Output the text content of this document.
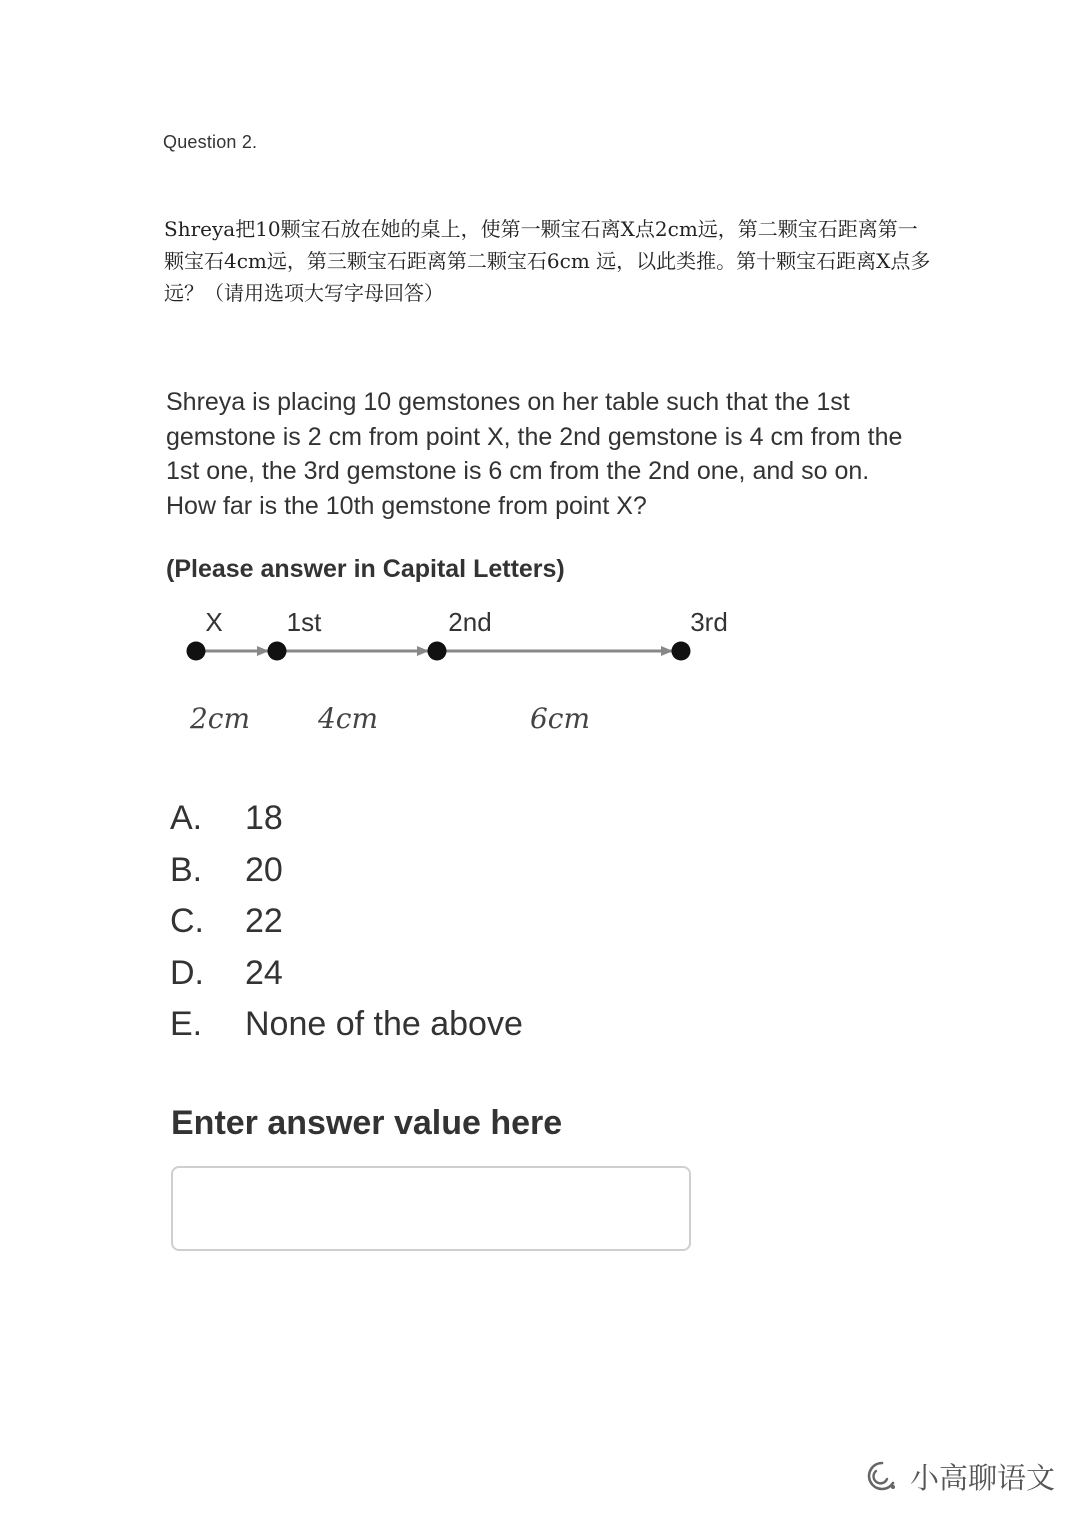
Question 2.
Shreya把10颗宝石放在她的桌上，使第一颗宝石离X点2cm远，第二颗宝石距离第一颗宝石4cm远，第三颗宝石距离第二颗宝石6cm 远，以此类推。第十颗宝石距离X点多远？（请用选项大写字母回答）
Shreya is placing 10 gemstones on her table such that the 1st gemstone is 2 cm from point X, the 2nd gemstone is 4 cm from the 1st one, the 3rd gemstone is 6 cm from the 2nd one, and so on. How far is the 10th gemstone from point X?
(Please answer in Capital Letters)
X 1st	2nd	3rd
2cm 4cm	6cm
A. 18
B. 20
C. 22
D. 24
E. None of the above
Enter answer value here
小高聊语文
